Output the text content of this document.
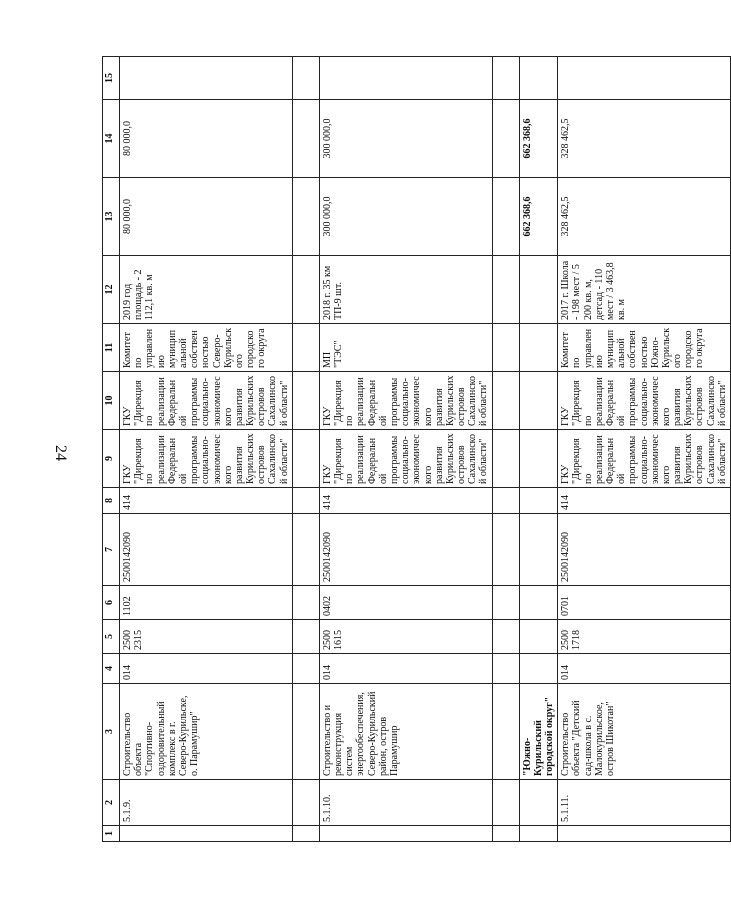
24
1	2	3	4	5	6	7	8	9	10	11	12	13	14	15
	5.1.9.	Строительство объекта "Спортивно-оздоровительный комплекс в г. Северо-Курильске, о. Парамушир"	014	2500 2315	1102	2500142090	414	ГКУ "Дирекция по реализации Федеральной программы социально-экономического развития Курильских островов Сахалинской области"	ГКУ "Дирекция по реализации Федеральной программы социально-экономического развития Курильских островов Сахалинской области"	Комитет по управлению муниципальной собственностью Северо-Курильского городского округа	2019 год площадь - 2 112,1 кв. м	80 000,0	80 000,0	

	5.1.10.	Строительство и реконструкция систем энергообеспечения, Северо-Курильский район, остров Парамушир	014	2500 1615	0402	2500142090	414	ГКУ "Дирекция по реализации Федеральной программы социально-экономического развития Курильских островов Сахалинской области"	ГКУ "Дирекция по реализации Федеральной программы социально-экономического развития Курильских островов Сахалинской области"	МП "ТЭС"	2018 г. 35 км ТП-9 шт.	300 000,0	300 000,0	

		"Южно-Курильский городской округ"										662 368,6	662 368,6	
	5.1.11.	Строительство объекта "Детский сад-школа в с. Малокурильское, остров Шикотан"	014	2500 1718	0701	2500142090	414	ГКУ "Дирекция по реализации Федеральной программы социально-экономического развития Курильских островов Сахалинской области"	ГКУ "Дирекция по реализации Федеральной программы социально-экономического развития Курильских островов Сахалинской области"	Комитет по управлению муниципальной собственностью Южно-Курильского городского округа	2017 г. Школа - 198 мест / 5 200 кв. м, детсад - 110 мест / 3 463,8 кв. м	328 462,5	328 462,5	
